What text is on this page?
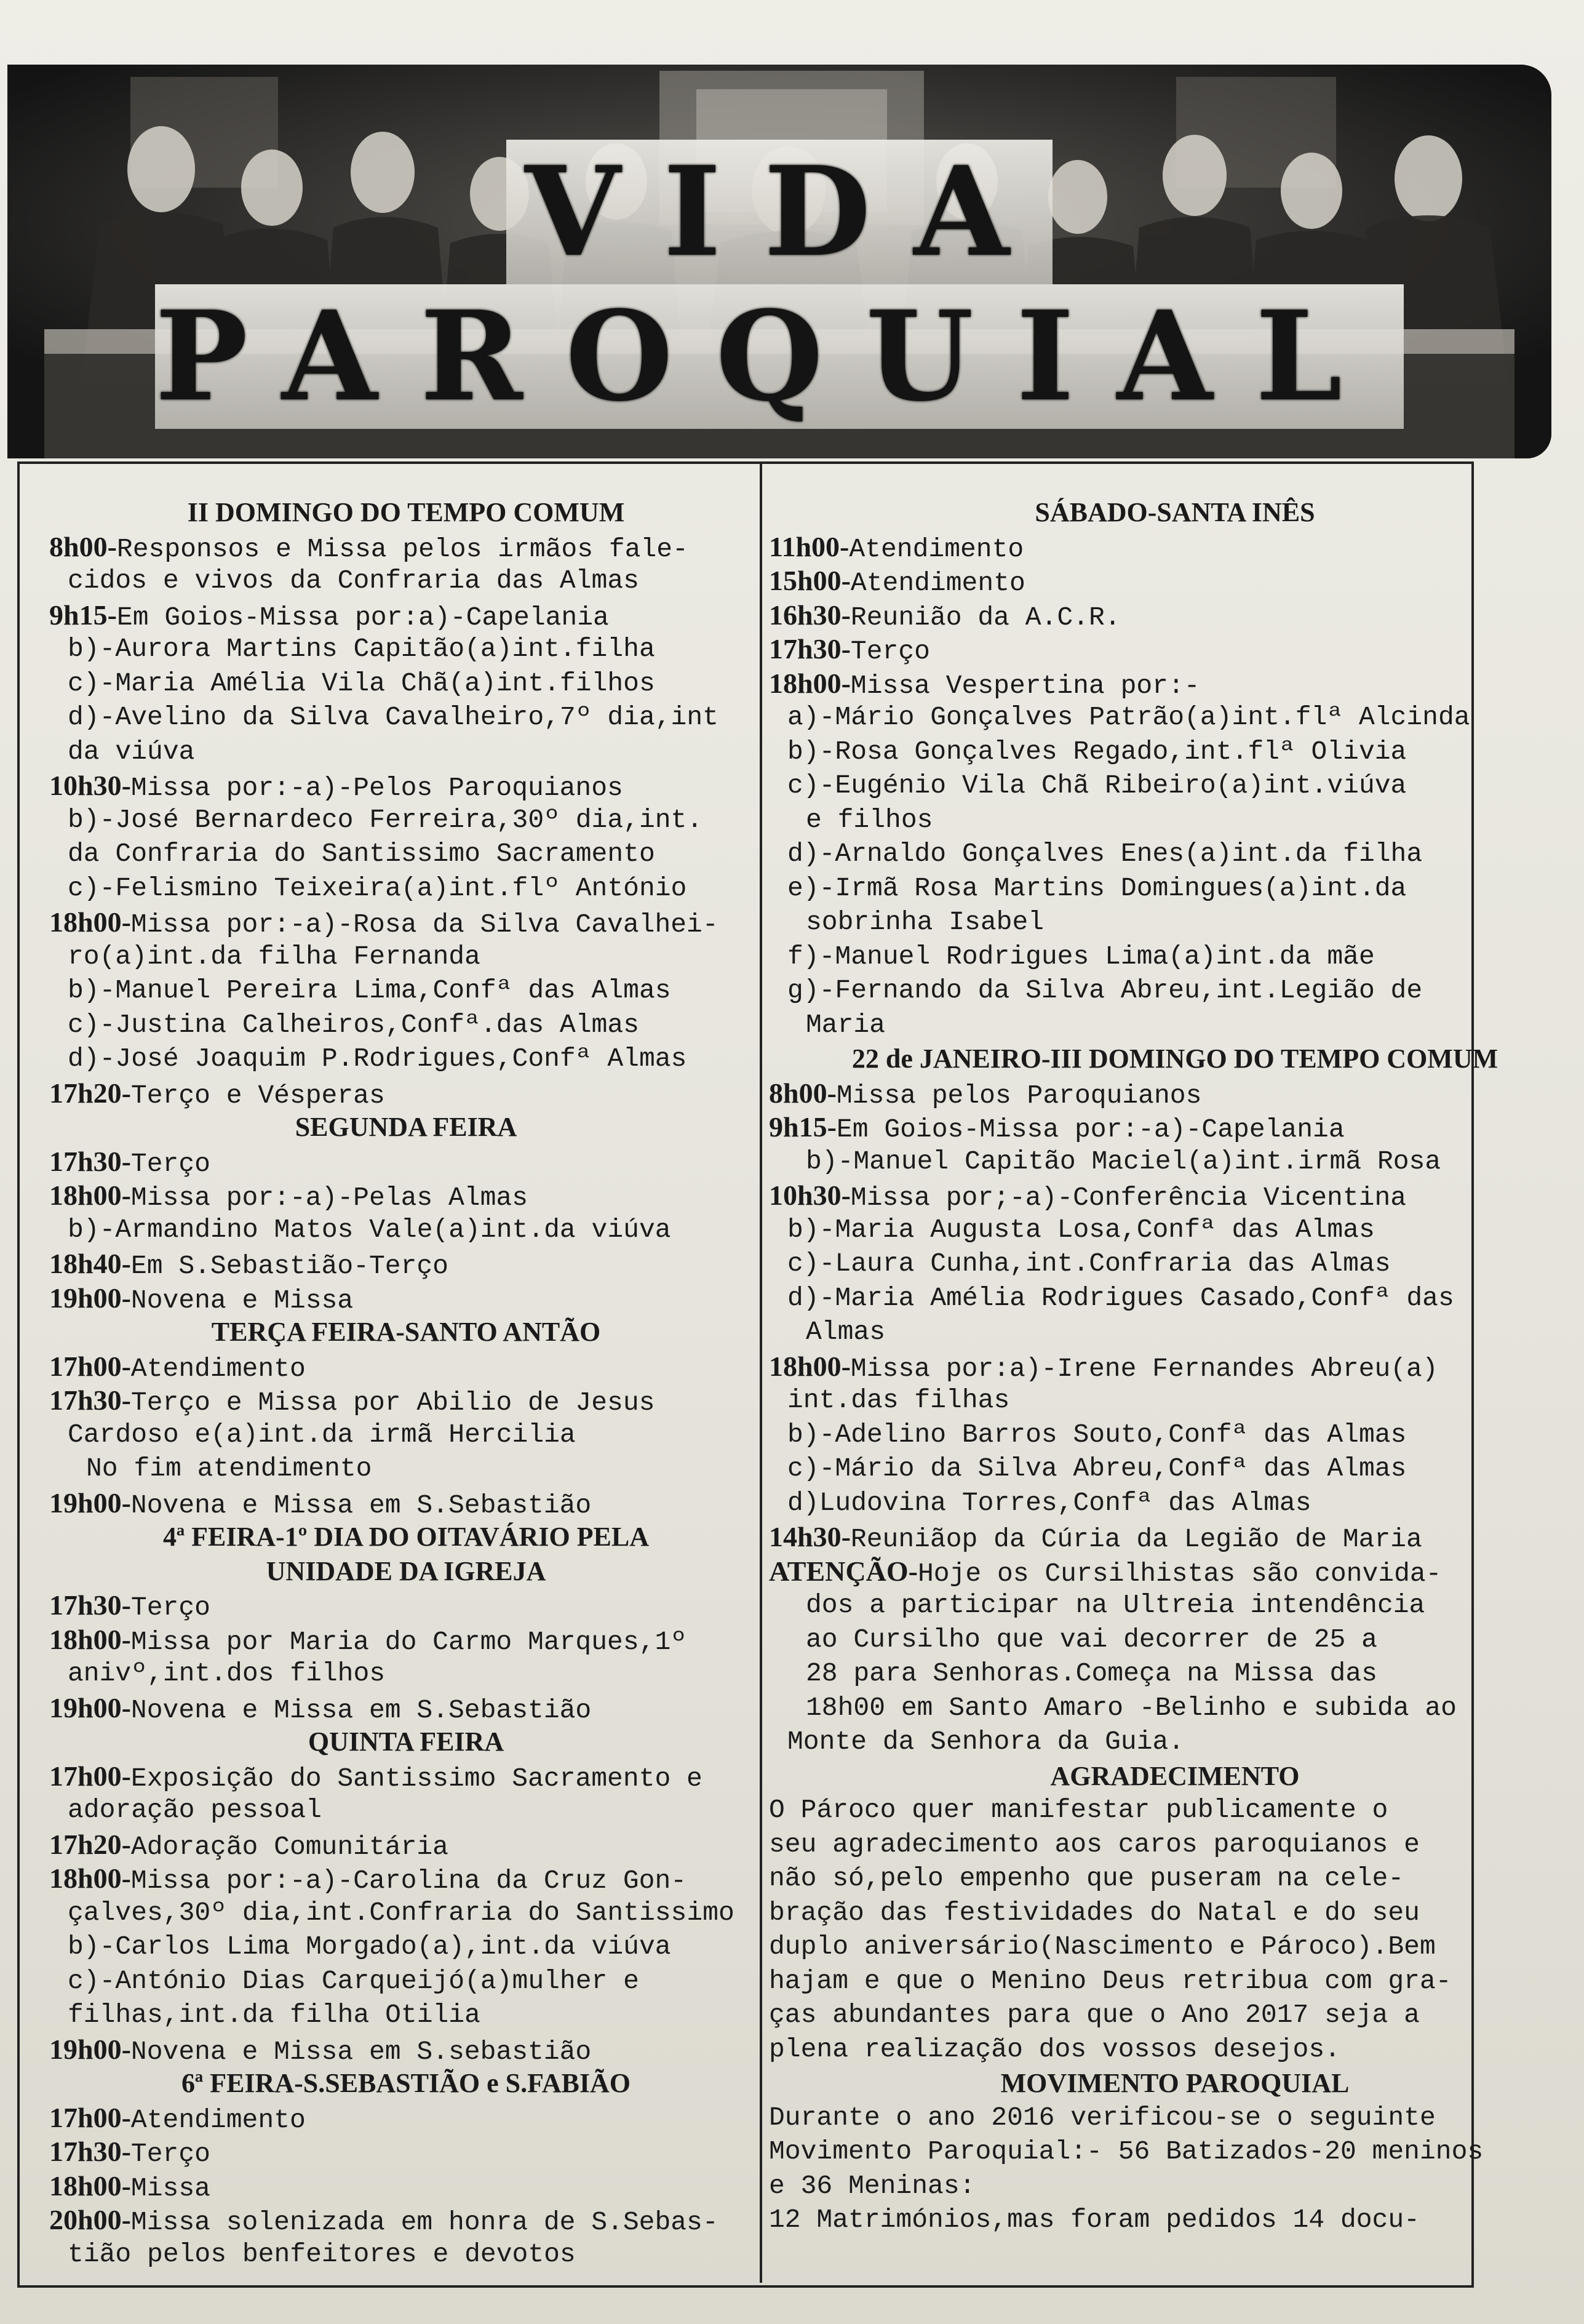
VIDA PAROQUIAL
II DOMINGO DO TEMPO COMUM
8h00-Responsos e Missa pelos irmãos fale-
cidos e vivos da Confraria das Almas
9h15-Em Goios-Missa por:a)-Capelania
b)-Aurora Martins Capitão(a)int.filha
c)-Maria Amélia Vila Chã(a)int.filhos
d)-Avelino da Silva Cavalheiro,7º dia,int
da viúva
10h30-Missa por:-a)-Pelos Paroquianos
b)-José Bernardeco Ferreira,30º dia,int.
da Confraria do Santissimo Sacramento
c)-Felismino Teixeira(a)int.flº António
18h00-Missa por:-a)-Rosa da Silva Cavalhei-
ro(a)int.da filha Fernanda
b)-Manuel Pereira Lima,Confª das Almas
c)-Justina Calheiros,Confª.das Almas
d)-José Joaquim P.Rodrigues,Confª Almas
17h20-Terço e Vésperas
SEGUNDA FEIRA
17h30-Terço
18h00-Missa por:-a)-Pelas Almas
b)-Armandino Matos Vale(a)int.da viúva
18h40-Em S.Sebastião-Terço
19h00-Novena e Missa
TERÇA FEIRA-SANTO ANTÃO
17h00-Atendimento
17h30-Terço e Missa por Abilio de Jesus
Cardoso e(a)int.da irmã Hercilia
No fim atendimento
19h00-Novena e Missa em S.Sebastião
4ª FEIRA-1º DIA DO OITAVÁRIO PELA
UNIDADE DA IGREJA
17h30-Terço
18h00-Missa por Maria do Carmo Marques,1º
anivº,int.dos filhos
19h00-Novena e Missa em S.Sebastião
QUINTA FEIRA
17h00-Exposição do Santissimo Sacramento e
adoração pessoal
17h20-Adoração Comunitária
18h00-Missa por:-a)-Carolina da Cruz Gon-
çalves,30º dia,int.Confraria do Santissimo
b)-Carlos Lima Morgado(a),int.da viúva
c)-António Dias Carqueijó(a)mulher e
filhas,int.da filha Otilia
19h00-Novena e Missa em S.sebastião
6ª FEIRA-S.SEBASTIÃO e S.FABIÃO
17h00-Atendimento
17h30-Terço
18h00-Missa
20h00-Missa solenizada em honra de S.Sebas-
tião pelos benfeitores e devotos
SÁBADO-SANTA INÊS
11h00-Atendimento
15h00-Atendimento
16h30-Reunião da A.C.R.
17h30-Terço
18h00-Missa Vespertina por:-
a)-Mário Gonçalves Patrão(a)int.flª Alcinda
b)-Rosa Gonçalves Regado,int.flª Olivia
c)-Eugénio Vila Chã Ribeiro(a)int.viúva
e filhos
d)-Arnaldo Gonçalves Enes(a)int.da filha
e)-Irmã Rosa Martins Domingues(a)int.da
sobrinha Isabel
f)-Manuel Rodrigues Lima(a)int.da mãe
g)-Fernando da Silva Abreu,int.Legião de
Maria
22 de JANEIRO-III DOMINGO DO TEMPO COMUM
8h00-Missa pelos Paroquianos
9h15-Em Goios-Missa por:-a)-Capelania
b)-Manuel Capitão Maciel(a)int.irmã Rosa
10h30-Missa por;-a)-Conferência Vicentina
b)-Maria Augusta Losa,Confª das Almas
c)-Laura Cunha,int.Confraria das Almas
d)-Maria Amélia Rodrigues Casado,Confª das
Almas
18h00-Missa por:a)-Irene Fernandes Abreu(a)
int.das filhas
b)-Adelino Barros Souto,Confª das Almas
c)-Mário da Silva Abreu,Confª das Almas
d)Ludovina Torres,Confª das Almas
14h30-Reuniãop da Cúria da Legião de Maria
ATENÇÃO-Hoje os Cursilhistas são convida-
dos a participar na Ultreia intendência
ao Cursilho que vai decorrer de 25 a
28 para Senhoras.Começa na Missa das
18h00 em Santo Amaro -Belinho e subida ao
Monte da Senhora da Guia.
AGRADECIMENTO
O Pároco quer manifestar publicamente o
seu agradecimento aos caros paroquianos e
não só,pelo empenho que puseram na cele-
bração das festividades do Natal e do seu
duplo aniversário(Nascimento e Pároco).Bem
hajam e que o Menino Deus retribua com gra-
ças abundantes para que o Ano 2017 seja a
plena realização dos vossos desejos.
MOVIMENTO PAROQUIAL
Durante o ano 2016 verificou-se o seguinte
Movimento Paroquial:- 56 Batizados-20 meninos
e 36 Meninas:
12 Matrimónios,mas foram pedidos 14 docu-
